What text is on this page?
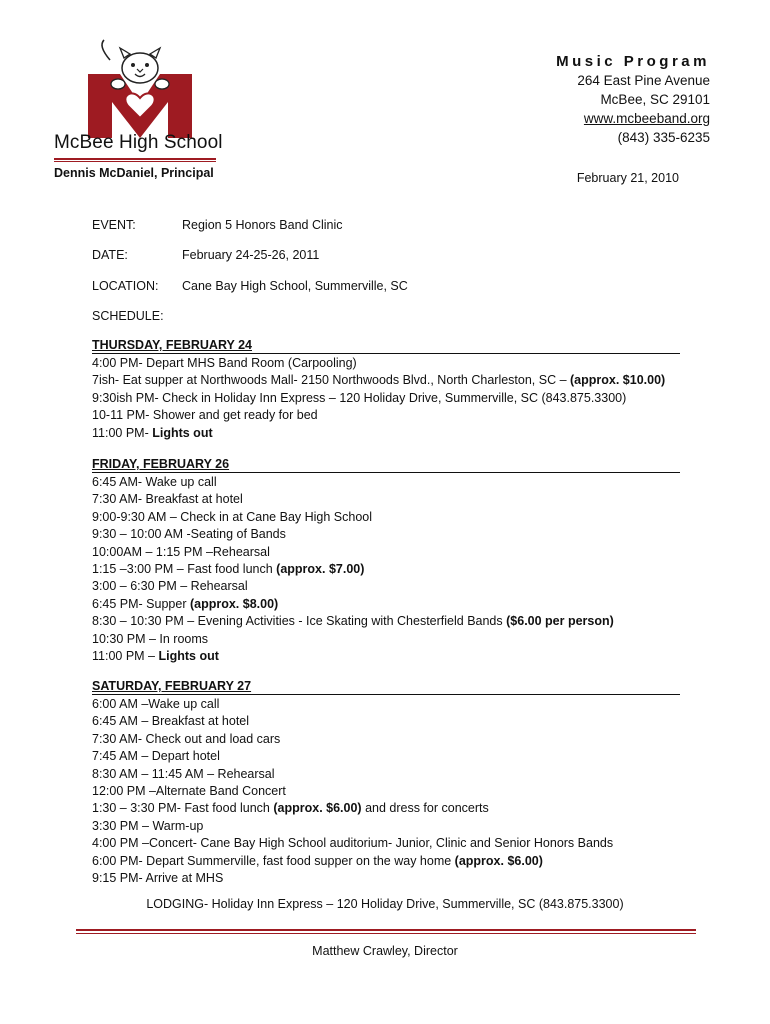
McBee High School
Dennis McDaniel, Principal
Music Program
264 East Pine Avenue
McBee, SC 29101
www.mcbeeband.org
(843) 335-6235
February 21, 2010
EVENT:	Region 5 Honors Band Clinic
DATE:	February 24-25-26, 2011
LOCATION: Cane Bay High School, Summerville, SC
SCHEDULE:
THURSDAY, FEBRUARY 24
4:00 PM- Depart MHS Band Room (Carpooling)
7ish- Eat supper at Northwoods Mall- 2150 Northwoods Blvd., North Charleston, SC – (approx. $10.00)
9:30ish PM- Check in Holiday Inn Express – 120 Holiday Drive, Summerville, SC (843.875.3300)
10-11 PM- Shower and get ready for bed
11:00 PM- Lights out
FRIDAY, FEBRUARY 26
6:45 AM- Wake up call
7:30 AM- Breakfast at hotel
9:00-9:30 AM – Check in at Cane Bay High School
9:30 – 10:00 AM -Seating of Bands
10:00AM – 1:15 PM –Rehearsal
1:15 –3:00 PM – Fast food lunch (approx. $7.00)
3:00 – 6:30 PM – Rehearsal
6:45 PM- Supper (approx. $8.00)
8:30 – 10:30 PM – Evening Activities - Ice Skating with Chesterfield Bands ($6.00 per person)
10:30 PM – In rooms
11:00 PM – Lights out
SATURDAY, FEBRUARY 27
6:00 AM –Wake up call
6:45 AM – Breakfast at hotel
7:30 AM- Check out and load cars
7:45 AM – Depart hotel
8:30 AM – 11:45 AM – Rehearsal
12:00 PM –Alternate Band Concert
1:30 – 3:30 PM- Fast food lunch (approx. $6.00) and dress for concerts
3:30 PM – Warm-up
4:00 PM –Concert- Cane Bay High School auditorium- Junior, Clinic and Senior Honors Bands
6:00 PM- Depart Summerville, fast food supper on the way home (approx. $6.00)
9:15 PM- Arrive at MHS
LODGING- Holiday Inn Express – 120 Holiday Drive, Summerville, SC (843.875.3300)
Matthew Crawley, Director
